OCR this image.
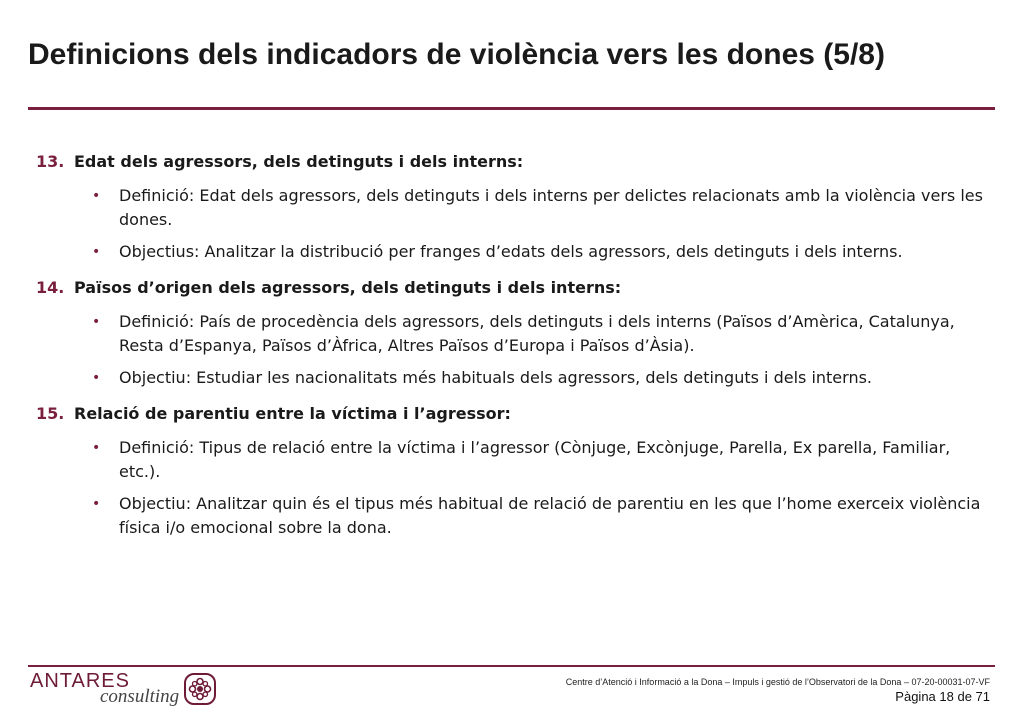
Definicions dels indicadors de violència vers les dones (5/8)
13. Edat dels agressors, dels detinguts i dels interns:
• Definició: Edat dels agressors, dels detinguts i dels interns per delictes relacionats amb la violència vers les dones.
• Objectius: Analitzar la distribució per franges d’edats dels agressors, dels detinguts i dels interns.
14. Països d’origen dels agressors, dels detinguts i dels interns:
• Definició: País de procedència dels agressors, dels detinguts i dels interns (Països d’Amèrica, Catalunya, Resta d’Espanya, Països d’Àfrica, Altres Països d’Europa i Països d’Àsia).
• Objectiu: Estudiar les nacionalitats més habituals dels agressors, dels detinguts i dels interns.
15. Relació de parentiu entre la víctima i l’agressor:
• Definició: Tipus de relació entre la víctima i l’agressor (Cònjuge, Excònjuge, Parella, Ex parella, Familiar, etc.).
• Objectiu: Analitzar quin és el tipus més habitual de relació de parentiu en les que l’home exerceix violència física i/o emocional sobre la dona.
ANTARES
consulting
Centre d’Atenció i Informació a la Dona – Impuls i gestió de l’Observatori de la Dona – 07-20-00031-07-VF
Pàgina 18 de 71
